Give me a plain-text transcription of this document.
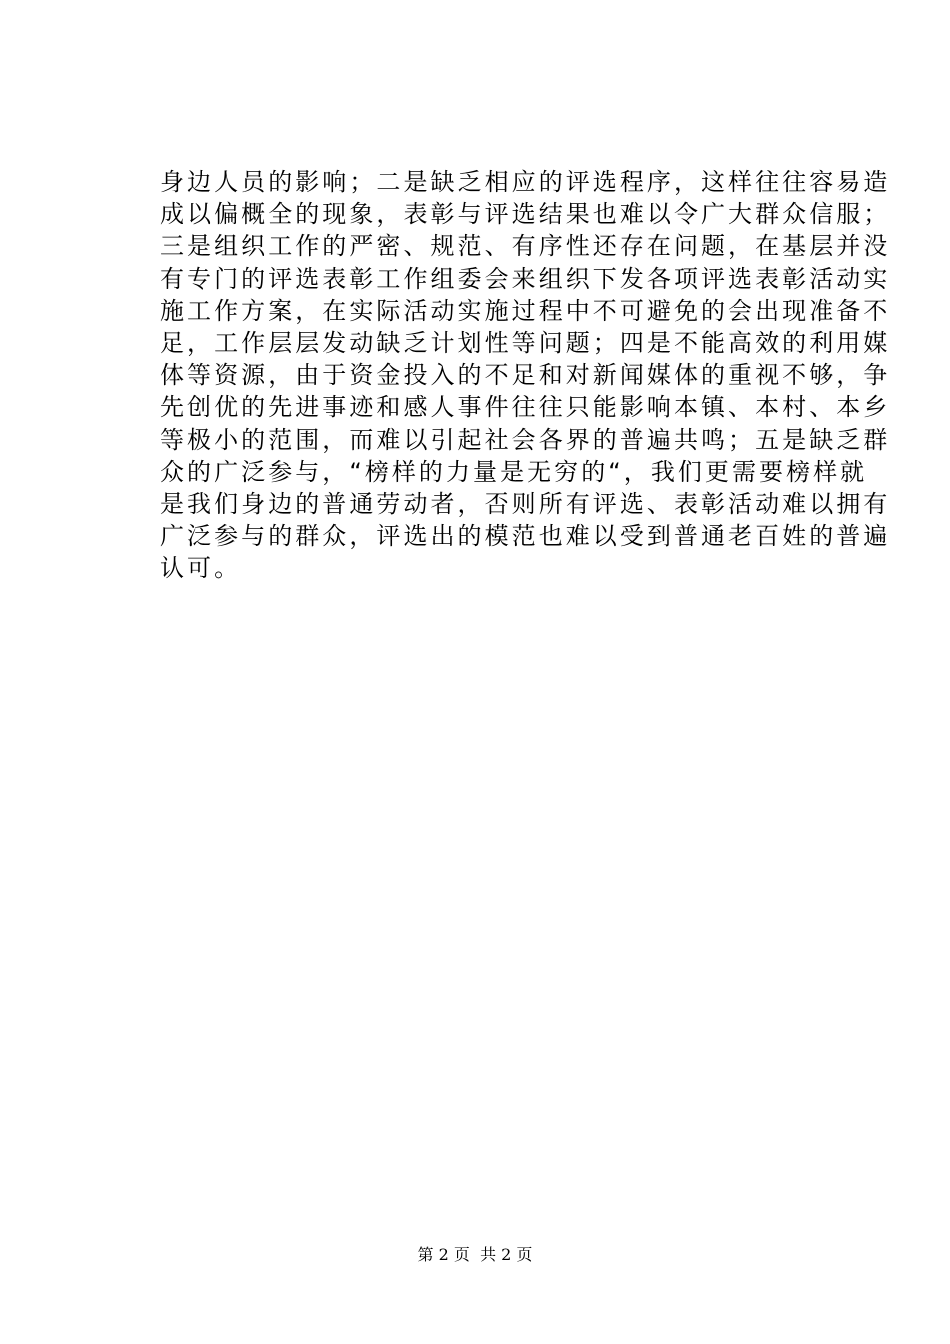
身边人员的影响；二是缺乏相应的评选程序，这样往往容易造
成以偏概全的现象，表彰与评选结果也难以令广大群众信服；
三是组织工作的严密、规范、有序性还存在问题，在基层并没
有专门的评选表彰工作组委会来组织下发各项评选表彰活动实
施工作方案，在实际活动实施过程中不可避免的会出现准备不
足，工作层层发动缺乏计划性等问题；四是不能高效的利用媒
体等资源，由于资金投入的不足和对新闻媒体的重视不够，争
先创优的先进事迹和感人事件往往只能影响本镇、本村、本乡
等极小的范围，而难以引起社会各界的普遍共鸣；五是缺乏群
众的广泛参与，“榜样的力量是无穷的“，我们更需要榜样就
是我们身边的普通劳动者，否则所有评选、表彰活动难以拥有
广泛参与的群众，评选出的模范也难以受到普通老百姓的普遍
认可。
第 2 页  共 2 页
